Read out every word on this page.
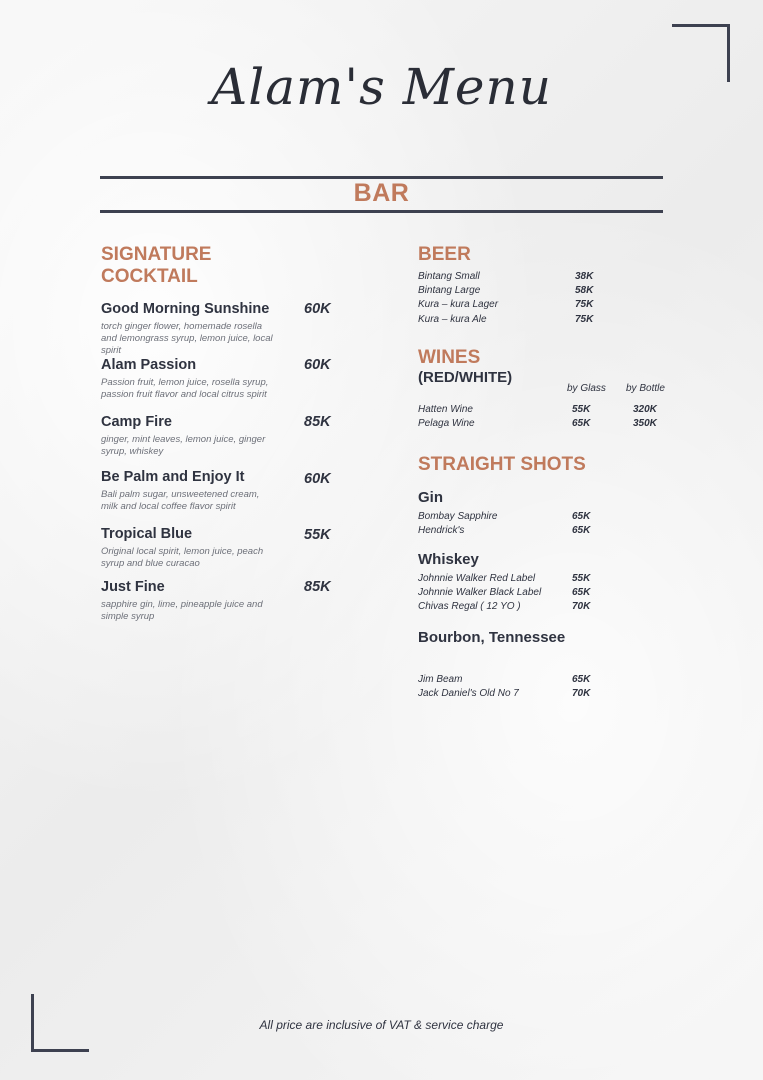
Alam's Menu
BAR
SIGNATURE
COCKTAIL
Good Morning Sunshine 60K
torch ginger flower, homemade rosella and lemongrass syrup, lemon juice, local spirit
Alam Passion	60K
Passion fruit, lemon juice, rosella syrup, passion fruit flavor and local citrus spirit
Camp Fire	85K
ginger, mint leaves, lemon juice, ginger syrup, whiskey
Be Palm and Enjoy It	60K
Bali palm sugar, unsweetened cream, milk and local coffee flavor spirit
Tropical Blue	55K
Original local spirit, lemon juice, peach syrup and blue curacao
Just Fine	85K
sapphire gin, lime, pineapple juice and simple syrup
BEER
Bintang Small	38K
Bintang Large	58K
Kura – kura Lager	75K
Kura – kura Ale	75K
WINES
(RED/WHITE)
by Glass by Bottle
Hatten Wine	55K	320K
Pelaga Wine	65K	350K
STRAIGHT SHOTS
Gin
Bombay Sapphire	65K
Hendrick's	65K
Whiskey
Johnnie Walker Red Label	55K
Johnnie Walker Black Label	65K
Chivas Regal ( 12 YO )	70K
Bourbon, Tennessee
Jim Beam	65K
Jack Daniel's Old No 7	70K
All price are inclusive of VAT & service charge
